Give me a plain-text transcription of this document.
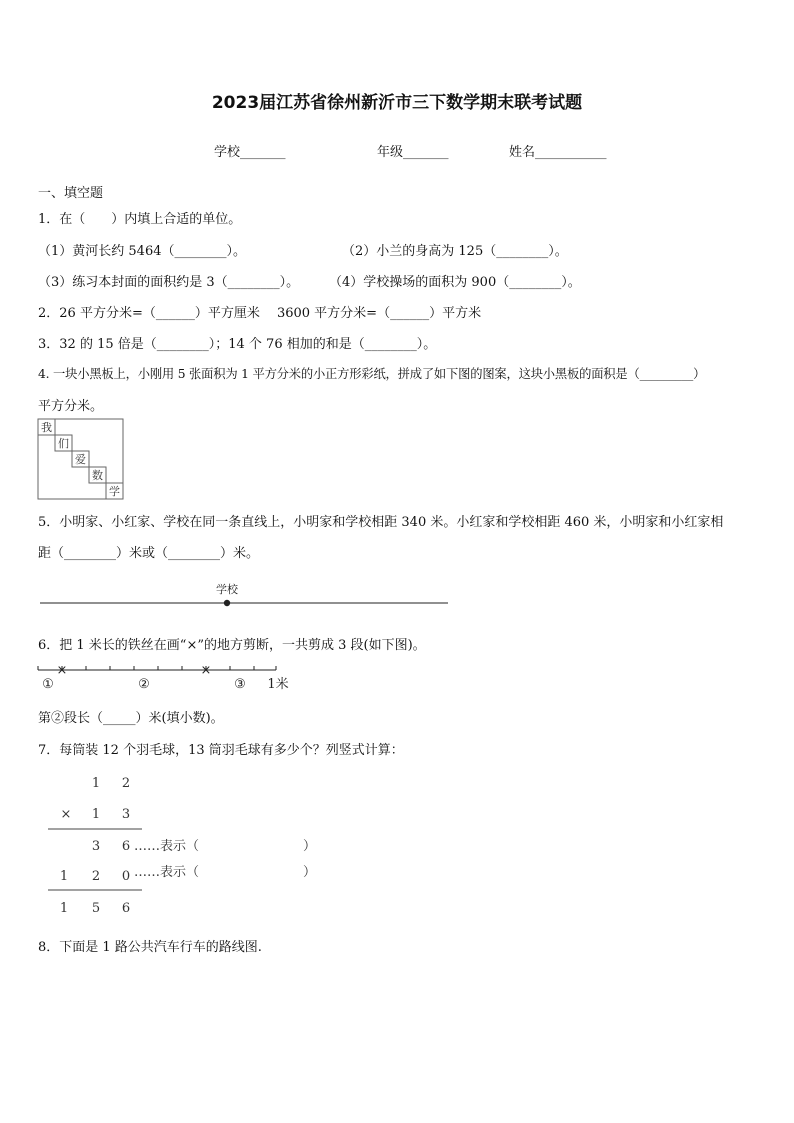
2023届江苏省徐州新沂市三下数学期末联考试题
学校_______	年级_______	姓名___________
一、填空题
1．在（　　）内填上合适的单位。
（1）黄河长约 5464（________）。	（2）小兰的身高为 125（________）。
（3）练习本封面的面积约是 3（________）。 （4）学校操场的面积为 900（________）。
2．26 平方分米=（______）平方厘米　 3600 平方分米=（______）平方米
3．32 的 15 倍是（________）；14 个 76 相加的和是（________）。
4. 一块小黑板上，小刚用 5 张面积为 1 平方分米的小正方形彩纸，拼成了如下图的图案，这块小黑板的面积是（_________）
平方分米。
我
们
爱
数
学
5．小明家、小红家、学校在同一条直线上，小明家和学校相距 340 米。小红家和学校相距 460 米，小明家和小红家相
距（________）米或（________）米。
学校
6．把 1 米长的铁丝在画“×”的地方剪断，一共剪成 3 段(如下图)。
×	×
①	②	③ 1米
第②段长（_____）米(填小数)。
7．每筒装 12 个羽毛球，13 筒羽毛球有多少个？列竖式计算：
1 2
× 1 3
3 6
1 2 0
1 5 6
……表示（　　　　　　　　）
……表示（　　　　　　　　）
8．下面是 1 路公共汽车行车的路线图.
